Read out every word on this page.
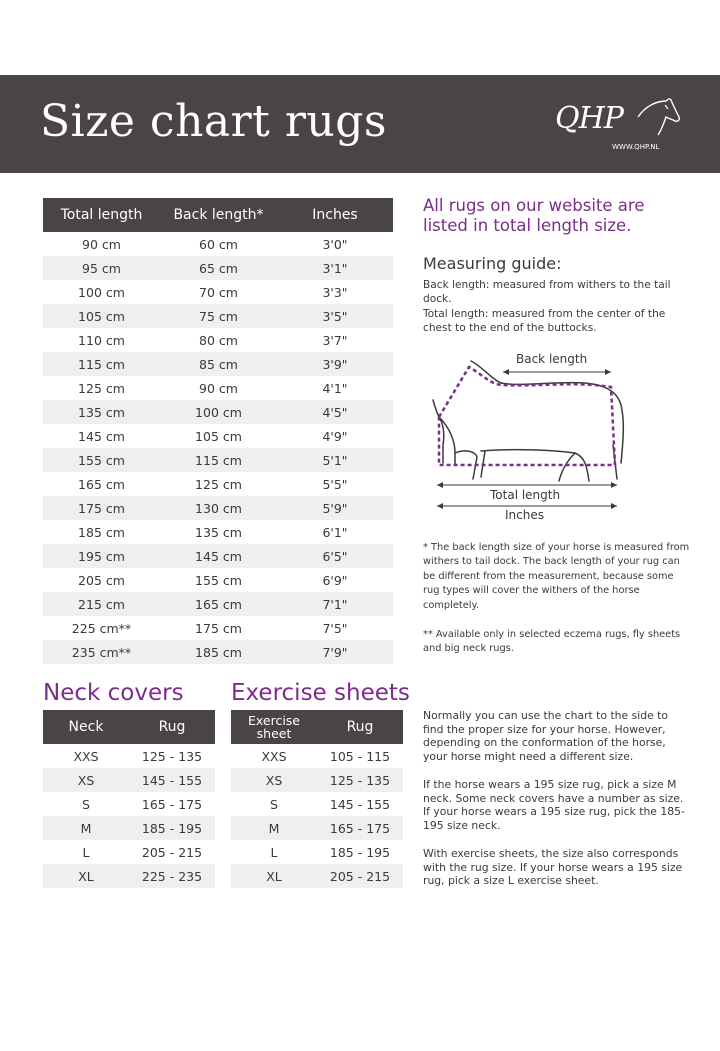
Size chart rugs	QHP
WWW.QHP.NL
Total length	Back length*	Inches
90 cm	60 cm	3'0"
95 cm	65 cm	3'1"
100 cm	70 cm	3'3"
105 cm	75 cm	3'5"
110 cm	80 cm	3'7"
115 cm	85 cm	3'9"
125 cm	90 cm	4'1"
135 cm	100 cm	4'5"
145 cm	105 cm	4'9"
155 cm	115 cm	5'1"
165 cm	125 cm	5'5"
175 cm	130 cm	5'9"
185 cm	135 cm	6'1"
195 cm	145 cm	6'5"
205 cm	155 cm	6'9"
215 cm	165 cm	7'1"
225 cm**	175 cm	7'5"
235 cm**	185 cm	7'9"

All rugs on our website are listed in total length size.

Measuring guide:

Back length: measured from withers to the tail dock.

Total length: measured from the center of the chest to the end of the buttocks.

Back length
Total length
Inches

* The back length size of your horse is measured from withers to tail dock. The back length of your rug can be different from the measurement, because some rug types will cover the withers of the horse completely.

** Available only in selected eczema rugs, fly sheets and big neck rugs.

Neck covers
Neck	Rug
XXS	125 - 135
XS	145 - 155
S	165 - 175
M	185 - 195
L	205 - 215
XL	225 - 235
Exercise sheets
Exercise sheet	Rug
XXS	105 - 115
XS	125 - 135
S	145 - 155
M	165 - 175
L	185 - 195
XL	205 - 215

Normally you can use the chart to the side to find the proper size for your horse. However, depending on the conformation of the horse, your horse might need a different size.

If the horse wears a 195 size rug, pick a size M neck. Some neck covers have a number as size. If your horse wears a 195 size rug, pick the 185-195 size neck.

With exercise sheets, the size also corresponds with the rug size. If your horse wears a 195 size rug, pick a size L exercise sheet.
